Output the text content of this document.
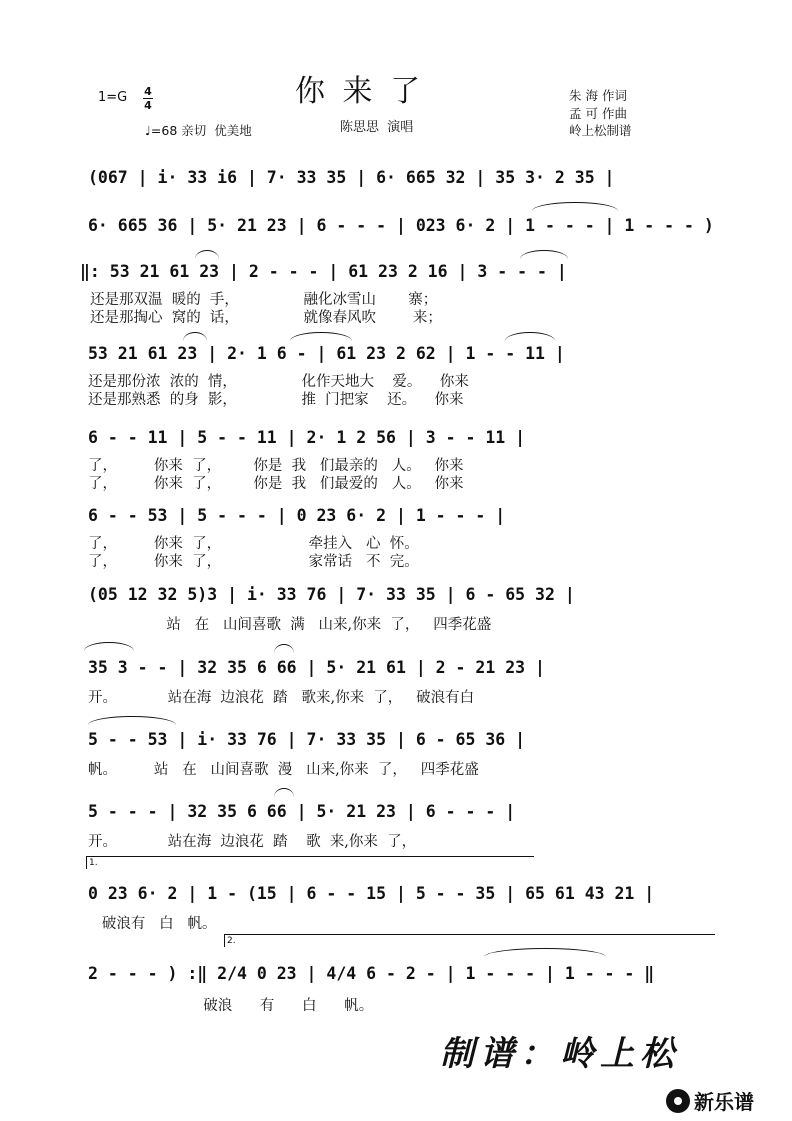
1=G 4
4	你 来 了
陈思思  演唱
♩=68 亲切  优美地
朱 海 作词
孟 可 作曲
岭上松制谱
(067 | i· 33 i6 | 7· 33 35 | 6· 665 32 | 35 3· 2 35 |
6· 665 36 | 5· 21 23 | 6 - - - | 023 6· 2 | 1 - - - | 1 - - - )
‖: 53 21 61 23 | 2 - - - | 61 23 2 16 | 3 - - - |
还是那双温  暖的  手，              融化冰雪山       寨；
还是那掏心  窝的  话，              就像春风吹        来；
53 21 61 23 | 2· 1 6 - | 61 23 2 62 | 1 - - 11 |
还是那份浓  浓的  情，              化作天地大    爱。    你来
还是那熟悉  的身  影，              推  门把家    还。    你来
6 - - 11 | 5 - - 11 | 2· 1 2 56 | 3 - - 11 |
了，        你来  了，       你是  我   们最亲的   人。   你来
了，        你来  了，       你是  我   们最爱的   人。   你来
6 - - 53 | 5 - - - | 0 23 6· 2 | 1 - - - |
了，        你来  了，                   牵挂入   心  怀。
了，        你来  了，                   家常话   不  完。
(05 12 32 5)3 | i· 33 76 | 7· 33 35 | 6 - 65 32 |
站   在   山间喜歌  满   山来,你来  了，   四季花盛
35 3 - - | 32 35 6 66 | 5· 21 61 | 2 - 21 23 |
开。           站在海  边浪花  踏   歌来,你来  了，   破浪有白
5 - - 53 | i· 33 76 | 7· 33 35 | 6 - 65 36 |
帆。        站   在   山间喜歌  漫   山来,你来  了，   四季花盛
5 - - - | 32 35 6 66 | 5· 21 23 | 6 - - - |
开。           站在海  边浪花  踏    歌  来,你来  了，
1.
0 23 6· 2 | 1 - (15 | 6 - - 15 | 5 - - 35 | 65 61 43 21 |
破浪有   白   帆。
2.
2 - - - ) :‖ 2/4 0 23 | 4/4 6 - 2 - | 1 - - - | 1 - - - ‖
破浪      有      白      帆。
制谱：岭上松
新乐谱
